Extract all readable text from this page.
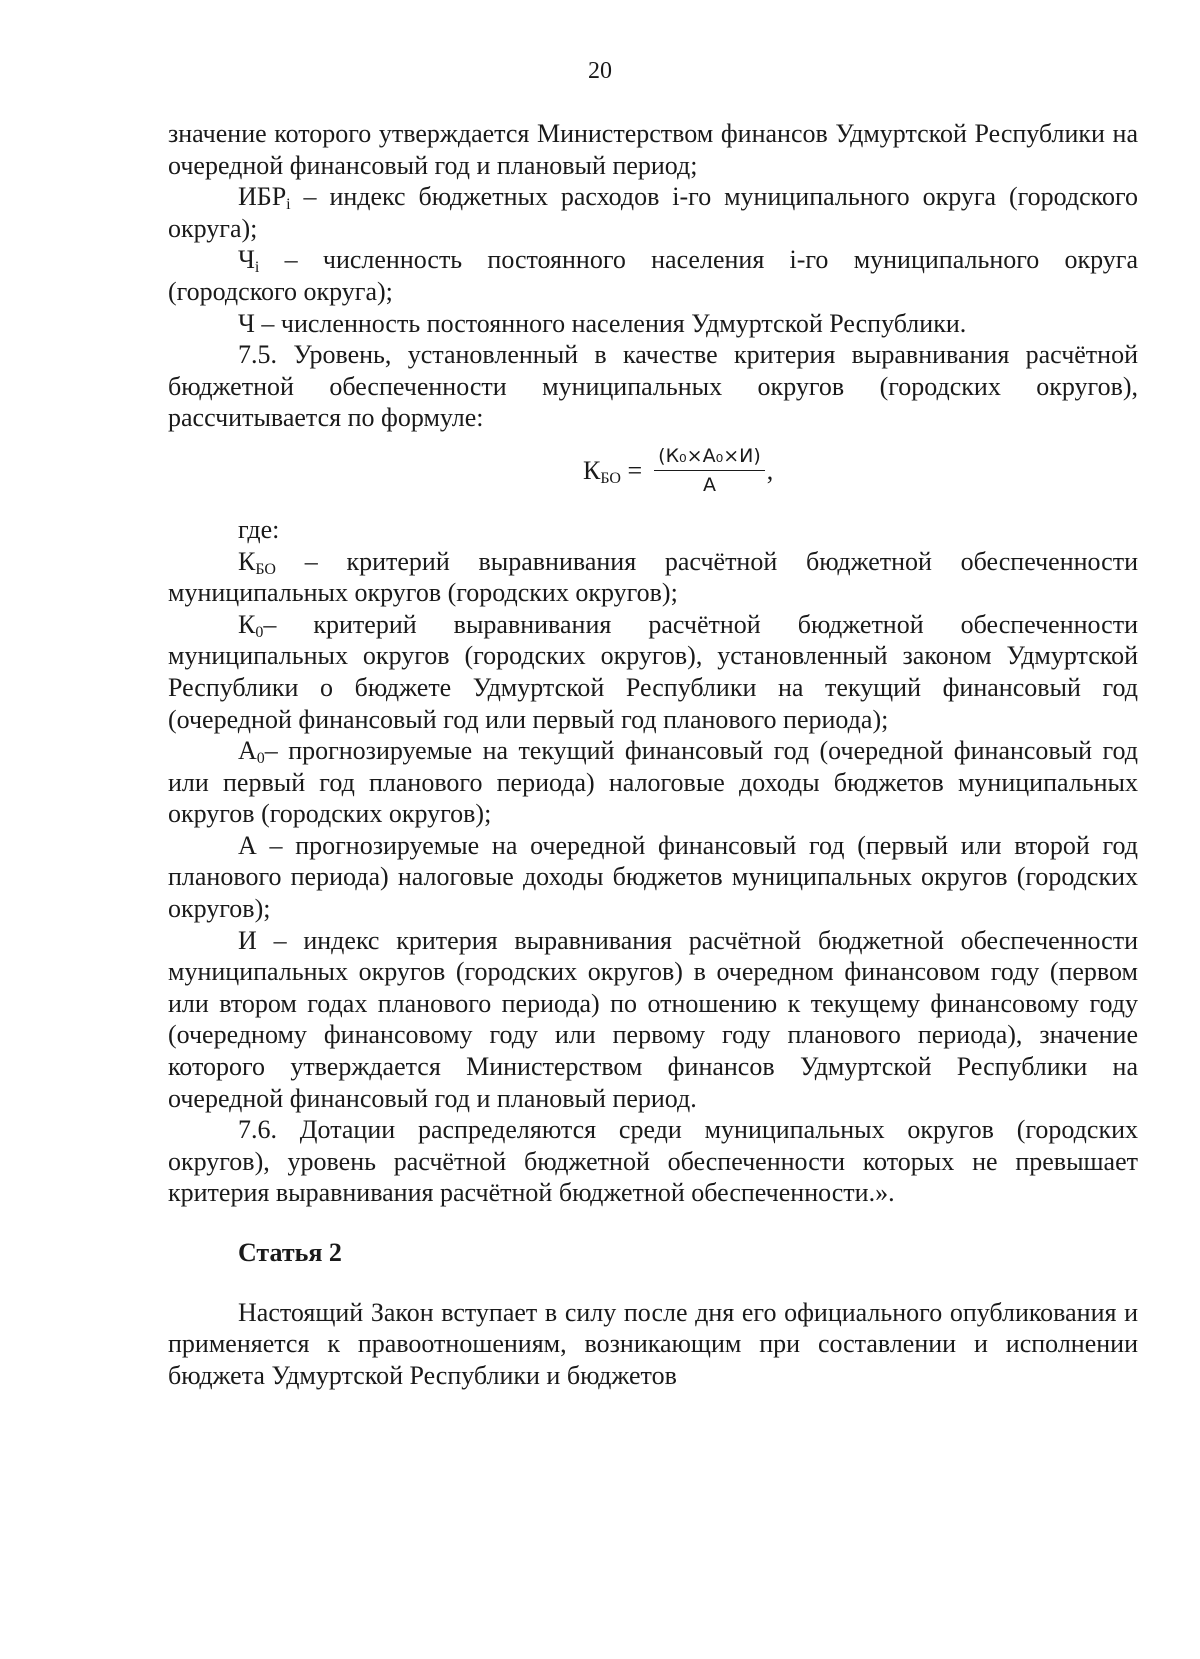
20

значение которого утверждается Министерством финансов Удмуртской Республики на очередной финансовый год и плановый период;

$ИБР_i$ – индекс бюджетных расходов i-го муниципального округа (городского округа);

$Ч_i$ – численность постоянного населения i-го муниципального округа (городского округа);

Ч – численность постоянного населения Удмуртской Республики.

7.5. Уровень, установленный в качестве критерия выравнивания расчётной бюджетной обеспеченности муниципальных округов (городских округов), рассчитывается по формуле:

$К_{БО} = \frac{\text{(К₀×А₀×И)}}{А}$ ,

где:

$К_{БО}$ – критерий выравнивания расчётной бюджетной обеспеченности муниципальных округов (городских округов);

$К_0-$ критерий выравнивания расчётной бюджетной обеспеченности муниципальных округов (городских округов), установленный законом Удмуртской Республики о бюджете Удмуртской Республики на текущий финансовый год (очередной финансовый год или первый год планового периода);

$А_0-$ прогнозируемые на текущий финансовый год (очередной финансовый год или первый год планового периода) налоговые доходы бюджетов муниципальных округов (городских округов);

А – прогнозируемые на очередной финансовый год (первый или второй год планового периода) налоговые доходы бюджетов муниципальных округов (городских округов);

И – индекс критерия выравнивания расчётной бюджетной обеспеченности муниципальных округов (городских округов) в очередном финансовом году (первом или втором годах планового периода) по отношению к текущему финансовому году (очередному финансовому году или первому году планового периода), значение которого утверждается Министерством финансов Удмуртской Республики на очередной финансовый год и плановый период.

7.6. Дотации распределяются среди муниципальных округов (городских округов), уровень расчётной бюджетной обеспеченности которых не превышает критерия выравнивания расчётной бюджетной обеспеченности.».

Статья 2

Настоящий Закон вступает в силу после дня его официального опубликования и применяется к правоотношениям, возникающим при составлении и исполнении бюджета Удмуртской Республики и бюджетов
